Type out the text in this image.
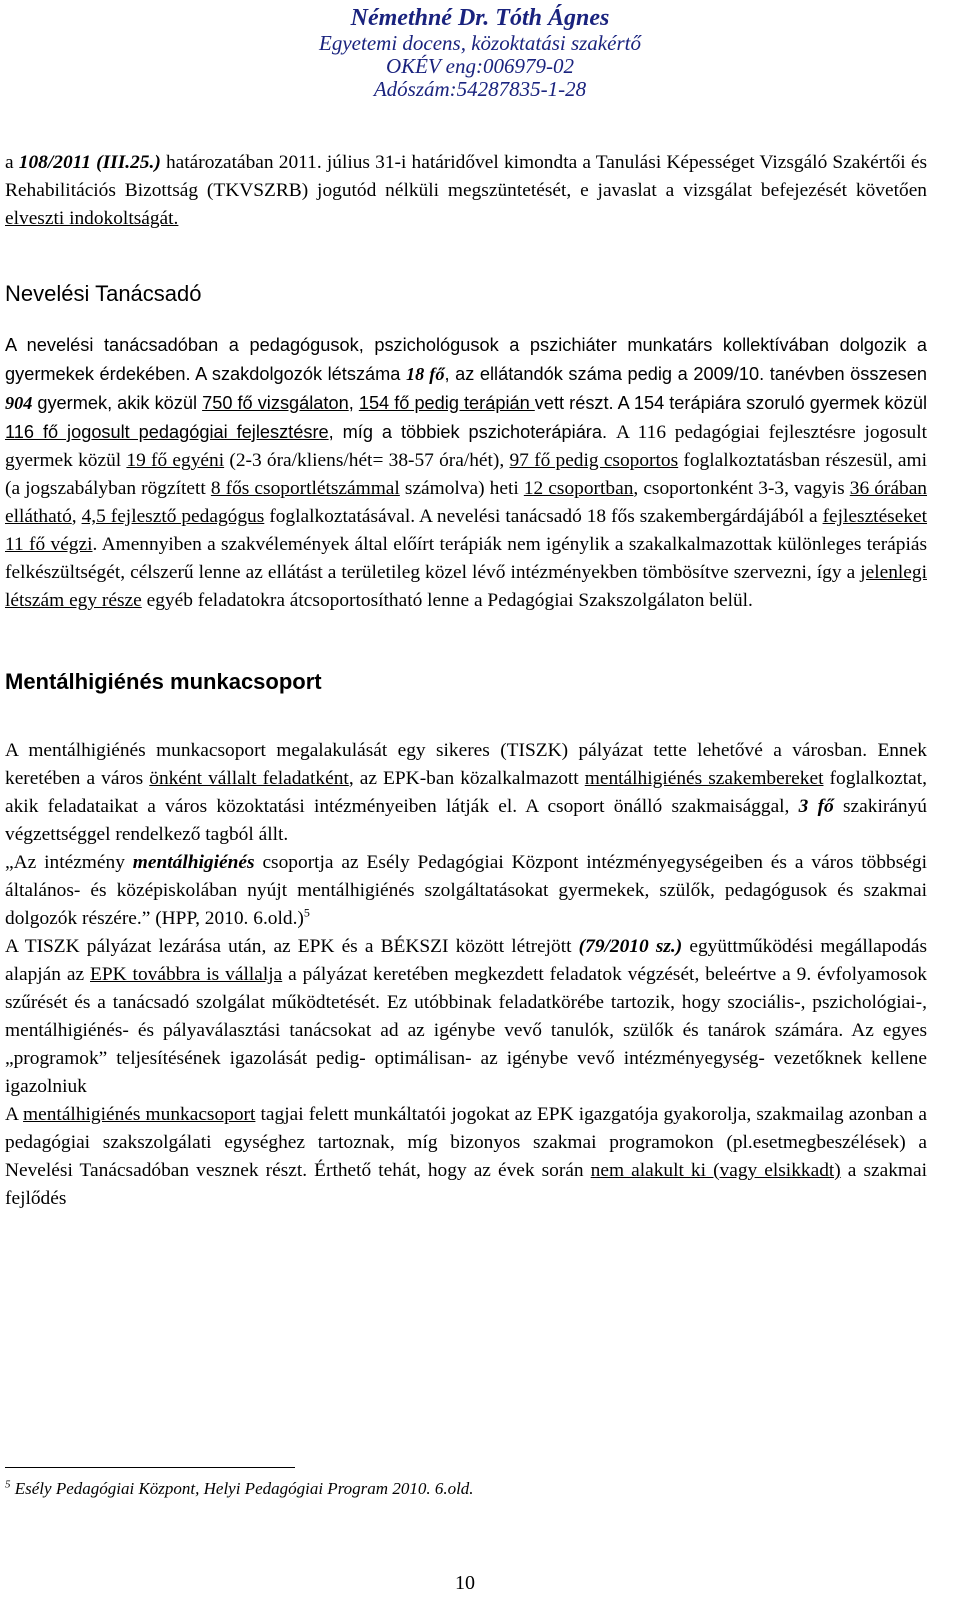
Némethné Dr. Tóth Ágnes
Egyetemi docens, közoktatási szakértő
OKÉV eng:006979-02
Adószám:54287835-1-28

a 108/2011 (III.25.) határozatában 2011. július 31-i határidővel kimondta a Tanulási Képességet Vizsgáló Szakértői és Rehabilitációs Bizottság (TKVSZRB) jogutód nélküli megszüntetését, e javaslat a vizsgálat befejezését követően elveszti indokoltságát.

Nevelési Tanácsadó

A nevelési tanácsadóban a pedagógusok, pszichológusok a pszichiáter munkatárs kollektívában dolgozik a gyermekek érdekében. A szakdolgozók létszáma 18 fő, az ellátandók száma pedig a 2009/10. tanévben összesen 904 gyermek, akik közül 750 fő vizsgálaton, 154 fő pedig terápián vett részt. A 154 terápiára szoruló gyermek közül 116 fő jogosult pedagógiai fejlesztésre, míg a többiek pszichoterápiára. A 116 pedagógiai fejlesztésre jogosult gyermek közül 19 fő egyéni (2-3 óra/kliens/hét= 38-57 óra/hét), 97 fő pedig csoportos foglalkoztatásban részesül, ami (a jogszabályban rögzített 8 fős csoportlétszámmal számolva) heti 12 csoportban, csoportonként 3-3, vagyis 36 órában ellátható, 4,5 fejlesztő pedagógus foglalkoztatásával. A nevelési tanácsadó 18 fős szakembergárdájából a fejlesztéseket 11 fő végzi. Amennyiben a szakvélemények által előírt terápiák nem igénylik a szakalkalmazottak különleges terápiás felkészültségét, célszerű lenne az ellátást a területileg közel lévő intézményekben tömbösítve szervezni, így a jelenlegi létszám egy része egyéb feladatokra átcsoportosítható lenne a Pedagógiai Szakszolgálaton belül.

Mentálhigiénés munkacsoport

A mentálhigiénés munkacsoport megalakulását egy sikeres (TISZK) pályázat tette lehetővé a városban. Ennek keretében a város önként vállalt feladatként, az EPK-ban közalkalmazott mentálhigiénés szakembereket foglalkoztat, akik feladataikat a város közoktatási intézményeiben látják el. A csoport önálló szakmaisággal, 3 fő szakirányú végzettséggel rendelkező tagból állt.

„Az intézmény mentálhigiénés csoportja az Esély Pedagógiai Központ intézményegységeiben és a város többségi általános- és középiskolában nyújt mentálhigiénés szolgáltatásokat gyermekek, szülők, pedagógusok és szakmai dolgozók részére.” (HPP, 2010. 6.old.)$^5$

A TISZK pályázat lezárása után, az EPK és a BÉKSZI között létrejött (79/2010 sz.) együttműködési megállapodás alapján az EPK továbbra is vállalja a pályázat keretében megkezdett feladatok végzését, beleértve a 9. évfolyamosok szűrését és a tanácsadó szolgálat működtetését. Ez utóbbinak feladatkörébe tartozik, hogy szociális-, pszichológiai-, mentálhigiénés- és pályaválasztási tanácsokat ad az igénybe vevő tanulók, szülők és tanárok számára. Az egyes „programok” teljesítésének igazolását pedig- optimálisan- az igénybe vevő intézményegység- vezetőknek kellene igazolniuk

A mentálhigiénés munkacsoport tagjai felett munkáltatói jogokat az EPK igazgatója gyakorolja, szakmailag azonban a pedagógiai szakszolgálati egységhez tartoznak, míg bizonyos szakmai programokon (pl.esetmegbeszélések) a Nevelési Tanácsadóban vesznek részt. Érthető tehát, hogy az évek során nem alakult ki (vagy elsikkadt) a szakmai fejlődés

$^5$ Esély Pedagógiai Központ, Helyi Pedagógiai Program 2010. 6.old.
10
